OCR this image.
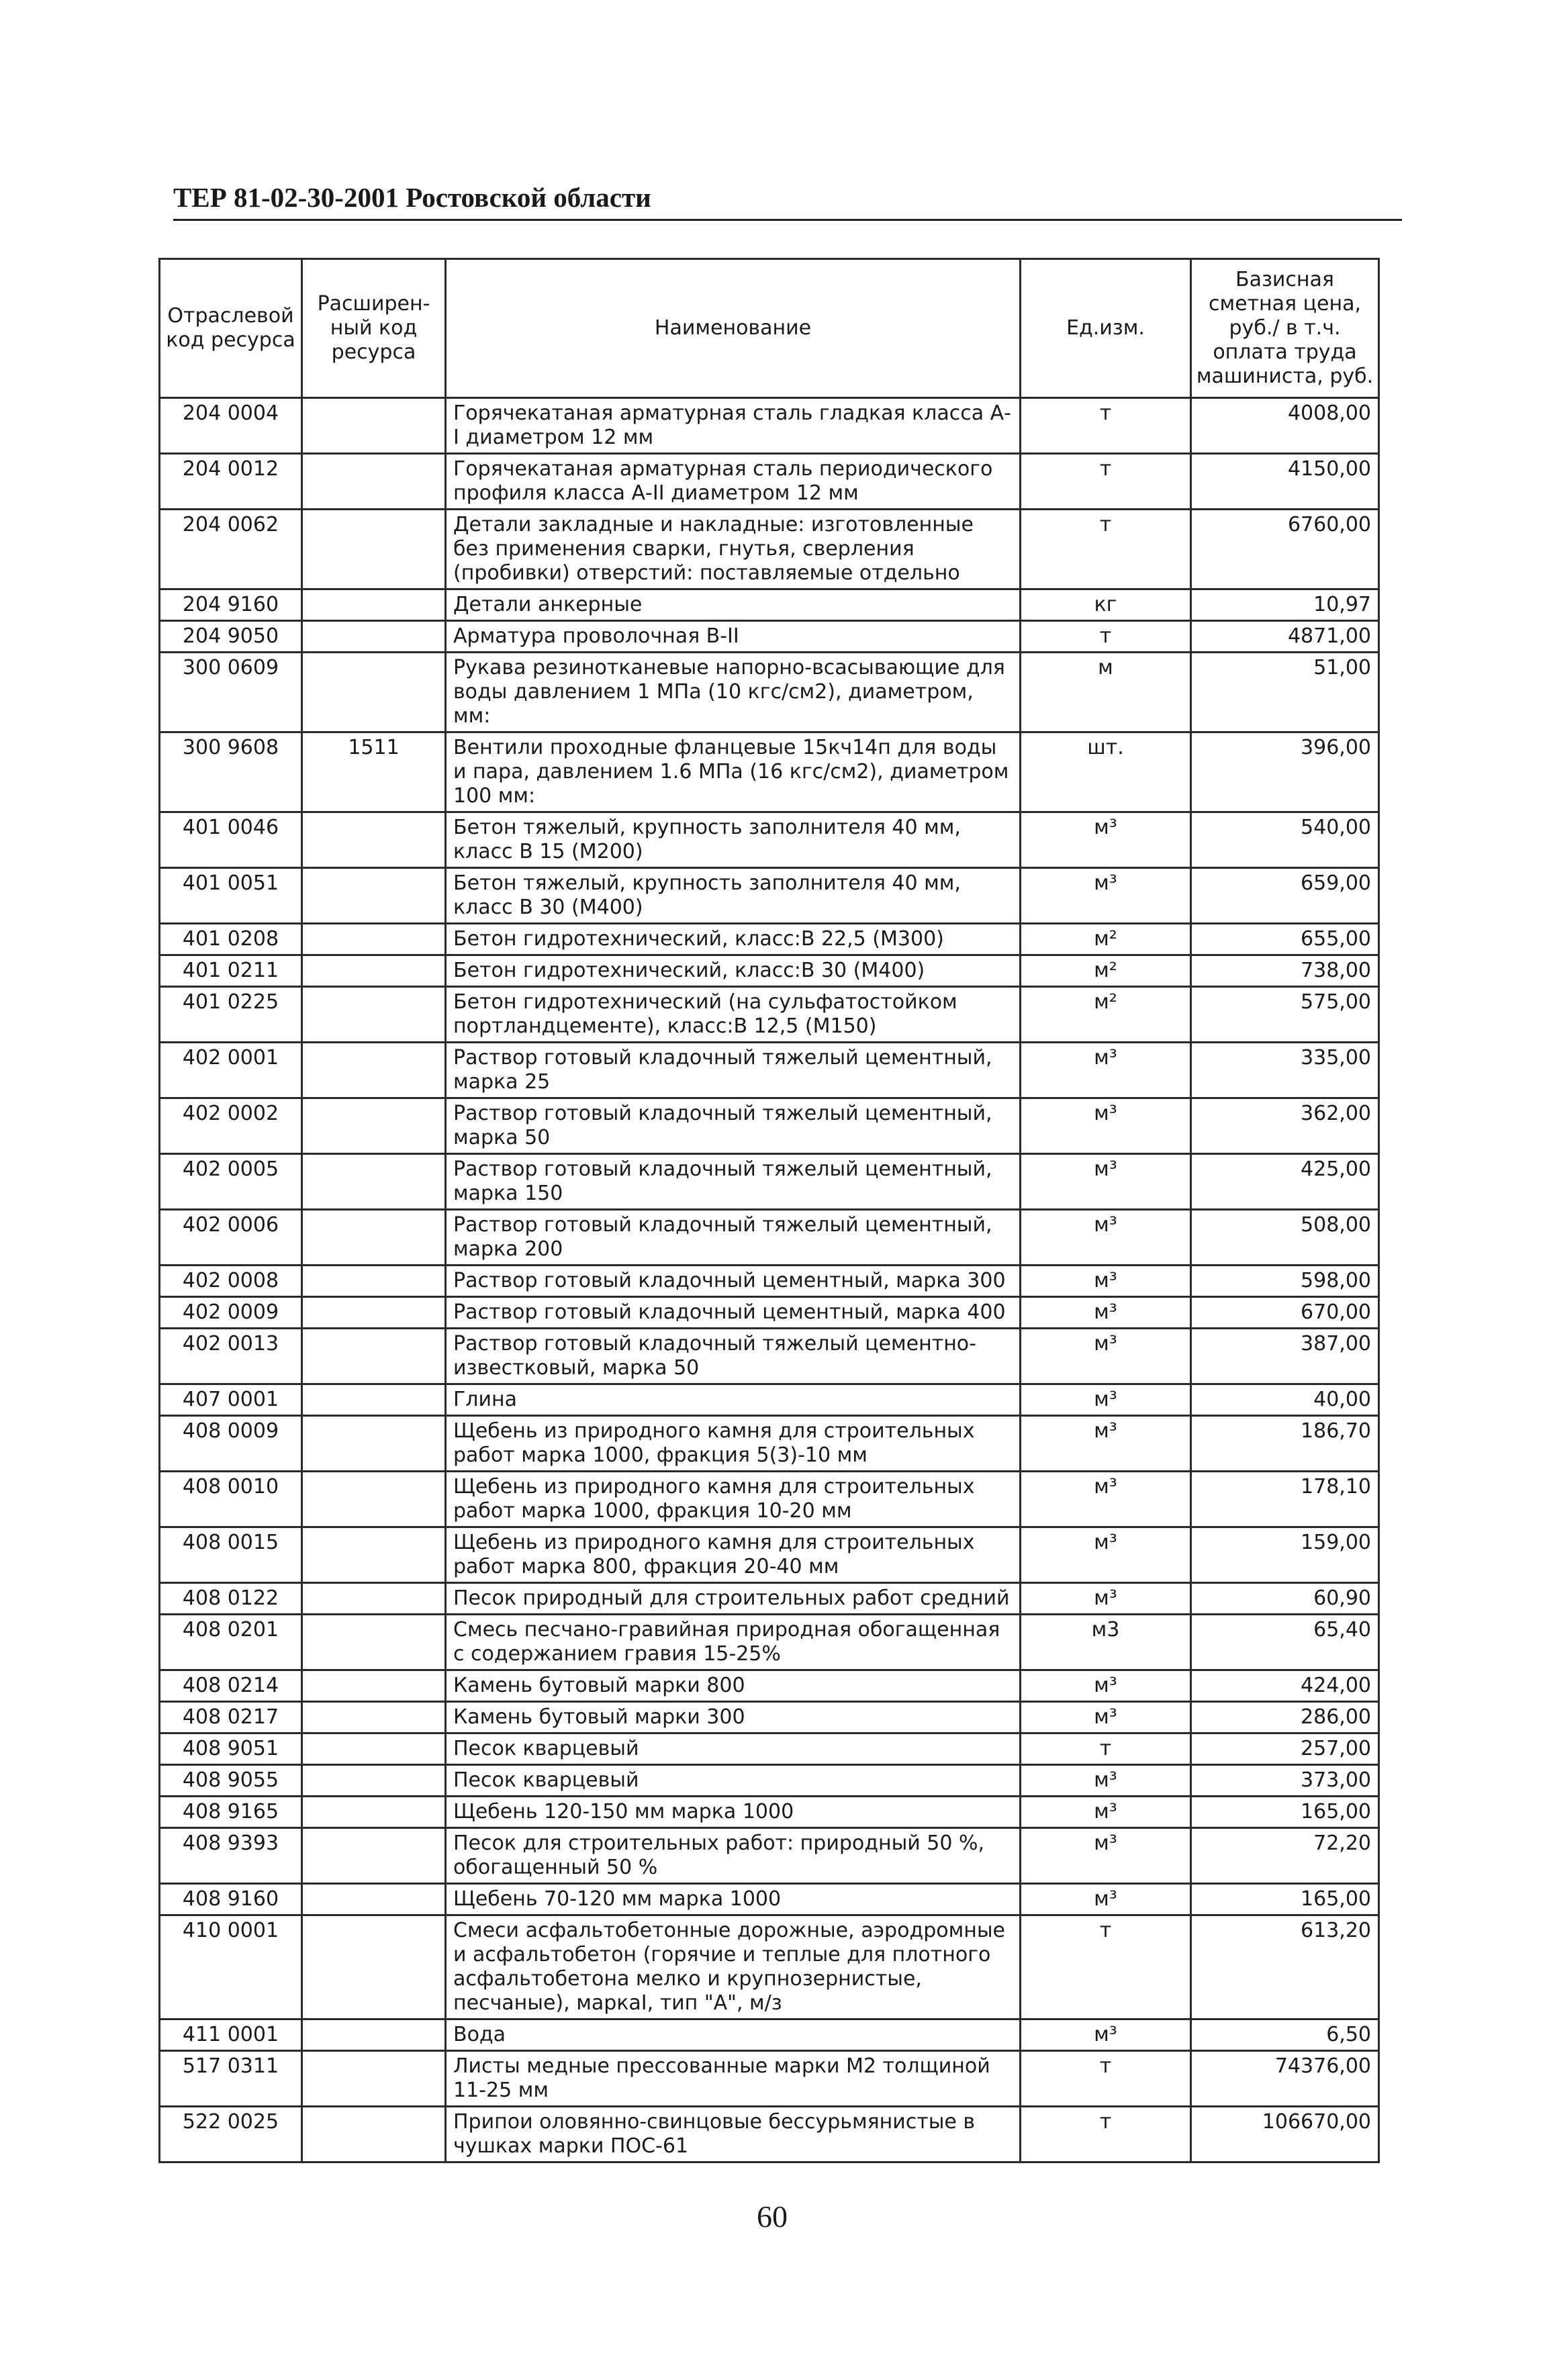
ТЕР 81-02-30-2001 Ростовской области
Отраслевой код ресурса	Расширен-ный код ресурса	Наименование	Ед.изм.	Базисная сметная цена, руб./ в т.ч. оплата труда машиниста, руб.
204 0004		Горячекатаная арматурная сталь гладкая класса А-I диаметром 12 мм	т	4008,00
204 0012		Горячекатаная арматурная сталь периодического профиля класса А-II диаметром 12 мм	т	4150,00
204 0062		Детали закладные и накладные: изготовленные без применения сварки, гнутья, сверления (пробивки) отверстий: поставляемые отдельно	т	6760,00
204 9160		Детали анкерные	кг	10,97
204 9050		Арматура проволочная В-II	т	4871,00
300 0609		Рукава резинотканевые напорно-всасывающие для воды давлением 1 МПа (10 кгс/см2), диаметром, мм:	м	51,00
300 9608	1511	Вентили проходные фланцевые 15кч14п для воды и пара, давлением 1.6 МПа (16 кгс/см2), диаметром 100 мм:	шт.	396,00
401 0046		Бетон тяжелый, крупность заполнителя 40 мм, класс В 15 (М200)	м³	540,00
401 0051		Бетон тяжелый, крупность заполнителя 40 мм, класс В 30 (М400)	м³	659,00
401 0208		Бетон гидротехнический, класс:В 22,5 (М300)	м²	655,00
401 0211		Бетон гидротехнический, класс:В 30 (М400)	м²	738,00
401 0225		Бетон гидротехнический (на сульфатостойком портландцементе), класс:В 12,5 (М150)	м²	575,00
402 0001		Раствор готовый кладочный тяжелый цементный, марка 25	м³	335,00
402 0002		Раствор готовый кладочный тяжелый цементный, марка 50	м³	362,00
402 0005		Раствор готовый кладочный тяжелый цементный, марка 150	м³	425,00
402 0006		Раствор готовый кладочный тяжелый цементный, марка 200	м³	508,00
402 0008		Раствор готовый кладочный цементный, марка 300	м³	598,00
402 0009		Раствор готовый кладочный цементный, марка 400	м³	670,00
402 0013		Раствор готовый кладочный тяжелый цементно-известковый, марка 50	м³	387,00
407 0001		Глина	м³	40,00
408 0009		Щебень из природного камня для строительных работ марка 1000, фракция 5(3)-10 мм	м³	186,70
408 0010		Щебень из природного камня для строительных работ марка 1000, фракция 10-20 мм	м³	178,10
408 0015		Щебень из природного камня для строительных работ марка 800, фракция 20-40 мм	м³	159,00
408 0122		Песок природный для строительных работ средний	м³	60,90
408 0201		Смесь песчано-гравийная природная обогащенная с содержанием гравия 15-25%	м3	65,40
408 0214		Камень бутовый марки 800	м³	424,00
408 0217		Камень бутовый марки 300	м³	286,00
408 9051		Песок кварцевый	т	257,00
408 9055		Песок кварцевый	м³	373,00
408 9165		Щебень 120-150 мм марка 1000	м³	165,00
408 9393		Песок для строительных работ: природный 50 %, обогащенный 50 %	м³	72,20
408 9160		Щебень 70-120 мм марка 1000	м³	165,00
410 0001		Смеси асфальтобетонные дорожные, аэродромные и асфальтобетон (горячие и теплые для плотного асфальтобетона мелко и крупнозернистые, песчаные), маркаI, тип "А", м/з	т	613,20
411 0001		Вода	м³	6,50
517 0311		Листы медные прессованные марки М2 толщиной 11-25 мм	т	74376,00
522 0025		Припои оловянно-свинцовые бессурьмянистые в чушках марки ПОС-61	т	106670,00
60
